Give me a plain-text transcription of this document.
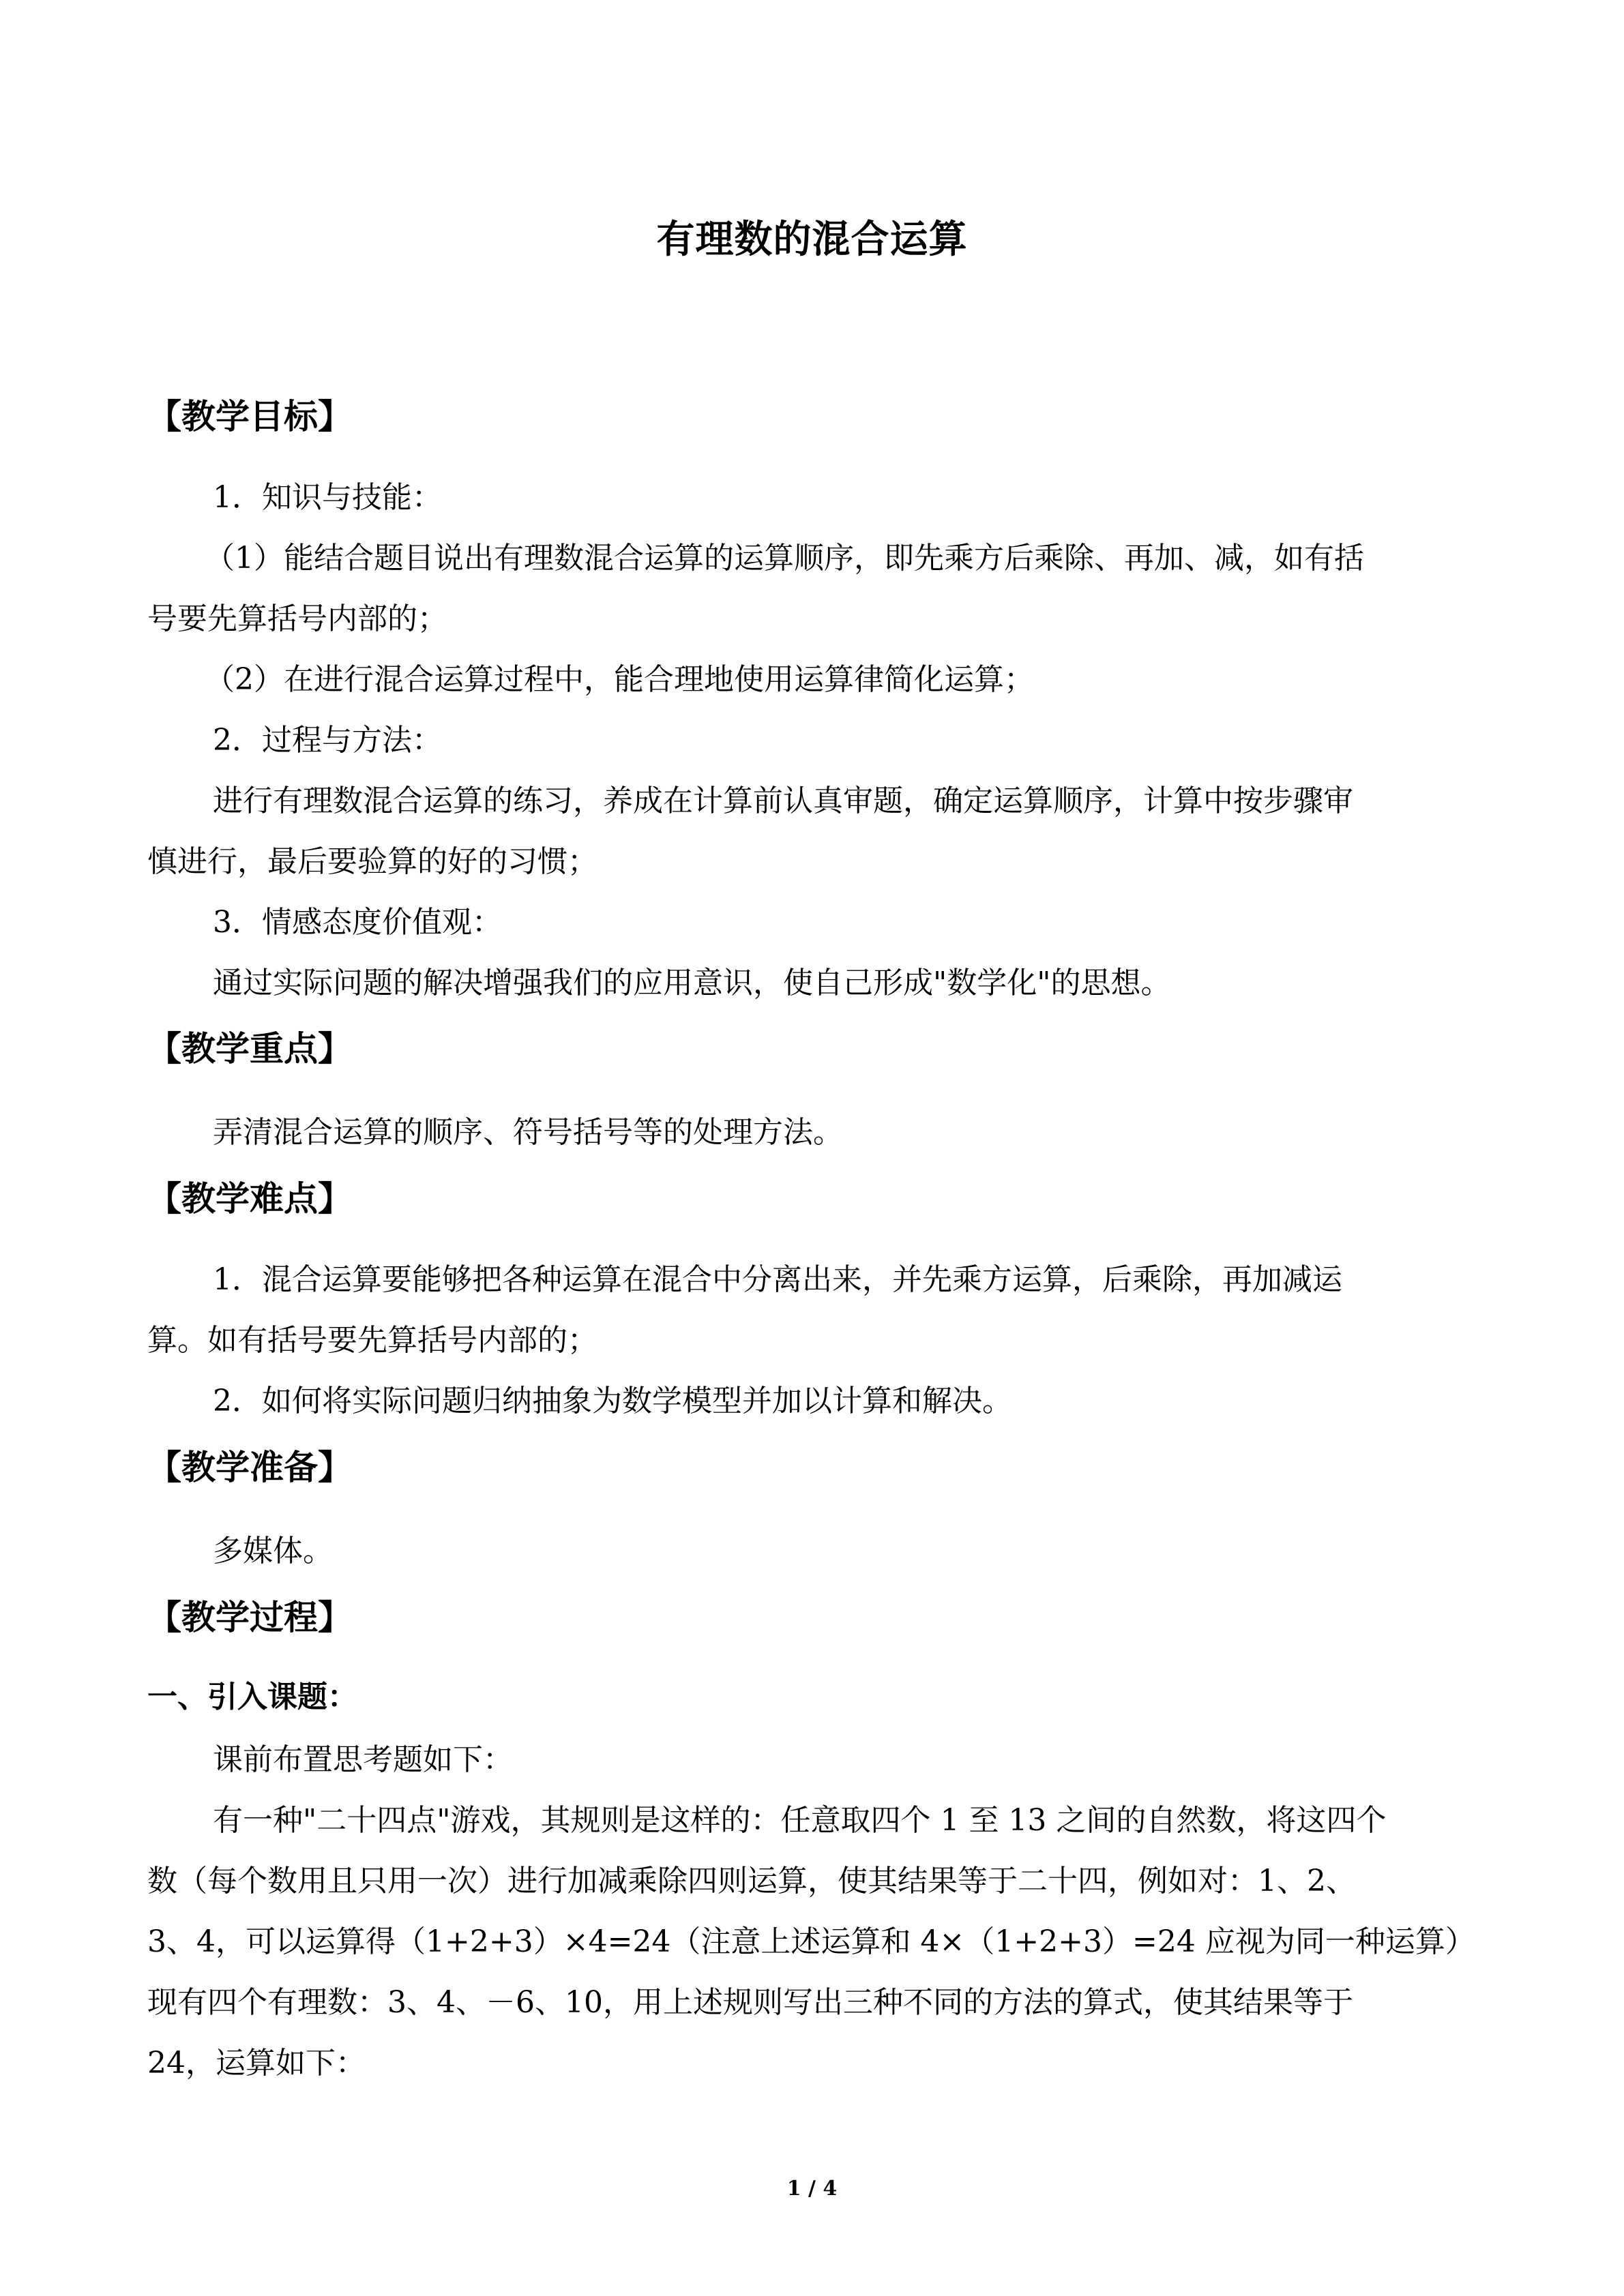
有理数的混合运算
【教学目标】
1．知识与技能：
（1）能结合题目说出有理数混合运算的运算顺序，即先乘方后乘除、再加、减，如有括
号要先算括号内部的；
（2）在进行混合运算过程中，能合理地使用运算律简化运算；
2．过程与方法：
进行有理数混合运算的练习，养成在计算前认真审题，确定运算顺序，计算中按步骤审
慎进行，最后要验算的好的习惯；
3．情感态度价值观：
通过实际问题的解决增强我们的应用意识，使自己形成"数学化"的思想。
【教学重点】
弄清混合运算的顺序、符号括号等的处理方法。
【教学难点】
1．混合运算要能够把各种运算在混合中分离出来，并先乘方运算，后乘除，再加减运
算。如有括号要先算括号内部的；
2．如何将实际问题归纳抽象为数学模型并加以计算和解决。
【教学准备】
多媒体。
【教学过程】
一、引入课题：
课前布置思考题如下：
有一种"二十四点"游戏，其规则是这样的：任意取四个 1 至 13 之间的自然数，将这四个
数（每个数用且只用一次）进行加减乘除四则运算，使其结果等于二十四，例如对：1、2、
3、4，可以运算得（1+2+3）×4=24（注意上述运算和 4×（1+2+3）=24 应视为同一种运算）
现有四个有理数：3、4、－6、10，用上述规则写出三种不同的方法的算式，使其结果等于
24，运算如下：
1 / 4
